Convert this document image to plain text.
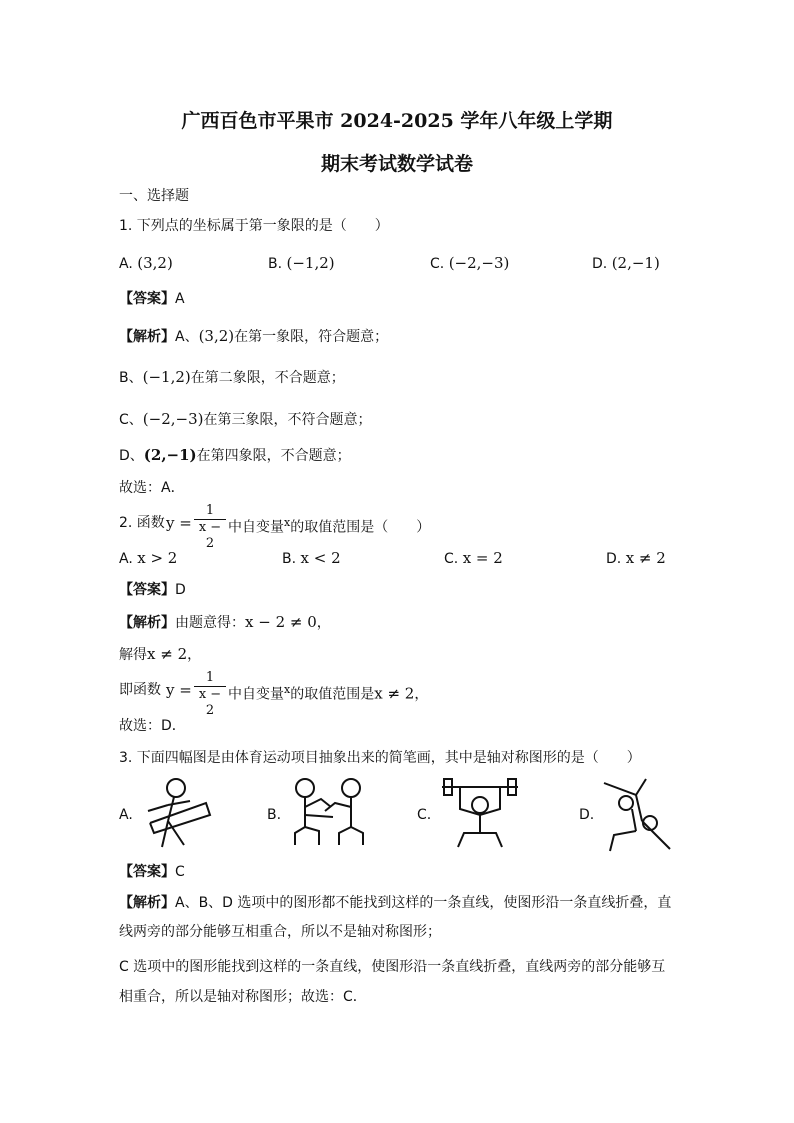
广西百色市平果市 2024-2025 学年八年级上学期
期末考试数学试卷
一、选择题
1. 下列点的坐标属于第一象限的是（　　）
A. (3,2)	B. (−1,2)	C. (−2,−3)	D. (2,−1)
【答案】A
【解析】A、(3,2)在第一象限，符合题意；
B、(−1,2)在第二象限，不合题意；
C、(−2,−3)在第三象限，不符合题意；
D、(2,−1)在第四象限，不合题意；
故选：A．
2. 函数 y =
1
x − 2
中自变量$^x$的取值范围是（　　）
A. x > 2	B. x < 2	C. x = 2	D. x ≠ 2
【答案】D
【解析】由题意得：x − 2 ≠ 0，
解得x ≠ 2，
即函数 y =
1
x − 2
中自变量$^x$的取值范围是x ≠ 2，
故选：D．
3. 下面四幅图是由体育运动项目抽象出来的简笔画，其中是轴对称图形的是（　　）
A.	B.	C.	D.
【答案】C
【解析】A、B、D 选项中的图形都不能找到这样的一条直线，使图形沿一条直线折叠，直
线两旁的部分能够互相重合，所以不是轴对称图形；
C 选项中的图形能找到这样的一条直线，使图形沿一条直线折叠，直线两旁的部分能够互
相重合，所以是轴对称图形；故选：C．
